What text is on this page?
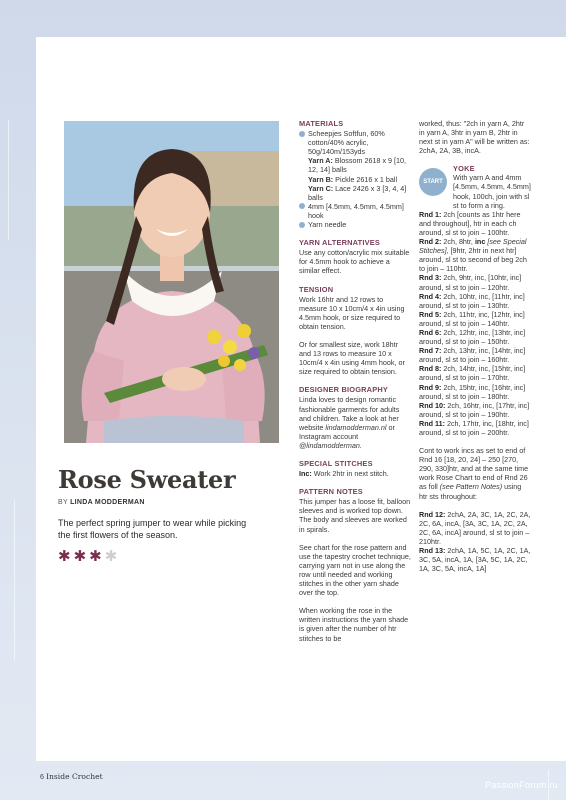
Rose Sweater
BY LINDA MODDERMAN
The perfect spring jumper to wear while picking the first flowers of the season.
✱ ✱ ✱ ✱
MATERIALS
Scheepjes Softfun, 60% cotton/40% acrylic, 50g/140m/153yds
Yarn A: Blossom 2618 x 9 [10, 12, 14] balls
Yarn B: Pickle 2616 x 1 ball
Yarn C: Lace 2426 x 3 [3, 4, 4] balls
4mm [4.5mm, 4.5mm, 4.5mm] hook
Yarn needle
YARN ALTERNATIVES
Use any cotton/acrylic mix suitable for 4.5mm hook to achieve a similar effect.
TENSION
Work 16htr and 12 rows to measure 10 x 10cm/4 x 4in using 4.5mm hook, or size required to obtain tension.
Or for smallest size, work 18htr and 13 rows to measure 10 x 10cm/4 x 4in using 4mm hook, or size required to obtain tension.
DESIGNER BIOGRAPHY
Linda loves to design romantic fashionable garments for adults and children. Take a look at her website lindamodderman.nl or Instagram account @lindamodderman.
SPECIAL STITCHES
Inc: Work 2htr in next stitch.
PATTERN NOTES
This jumper has a loose fit, balloon sleeves and is worked top down. The body and sleeves are worked in spirals.
See chart for the rose pattern and use the tapestry crochet technique, carrying yarn not in use along the row until needed and working stitches in the other yarn shade over the top.
When working the rose in the written instructions the yarn shade is given after the number of htr stitches to be
worked, thus: "2ch in yarn A, 2htr in yarn A, 3htr in yarn B, 2htr in next st in yarn A" will be written as: 2chA, 2A, 3B, incA.
START
YOKE
With yarn A and 4mm [4.5mm, 4.5mm, 4.5mm] hook, 100ch, join with sl st to form a ring.
Rnd 1: 2ch [counts as 1htr here and throughout], htr in each ch around, sl st to join – 100htr.
Rnd 2: 2ch, 8htr, inc [see Special Stitches], [9htr, 2htr in next htr] around, sl st to second of beg 2ch to join – 110htr.
Rnd 3: 2ch, 9htr, inc, [10htr, inc] around, sl st to join – 120htr.
Rnd 4: 2ch, 10htr, inc, [11htr, inc] around, sl st to join – 130htr.
Rnd 5: 2ch, 11htr, inc, [12htr, inc] around, sl st to join – 140htr.
Rnd 6: 2ch, 12htr, inc, [13htr, inc] around, sl st to join – 150htr.
Rnd 7: 2ch, 13htr, inc, [14htr, inc] around, sl st to join – 160htr.
Rnd 8: 2ch, 14htr, inc, [15htr, inc] around, sl st to join – 170htr.
Rnd 9: 2ch, 15htr, inc, [16htr, inc] around, sl st to join – 180htr.
Rnd 10: 2ch, 16htr, inc, [17htr, inc] around, sl st to join – 190htr.
Rnd 11: 2ch, 17htr, inc, [18htr, inc] around, sl st to join – 200htr.
Cont to work incs as set to end of Rnd 16 [18, 20, 24] – 250 [270, 290, 330]htr, and at the same time work Rose Chart to end of Rnd 26 as foll (see Pattern Notes) using htr sts throughout:
Rnd 12: 2chA, 2A, 3C, 1A, 2C, 2A, 2C, 6A, incA, [3A, 3C, 1A, 2C, 2A, 2C, 6A, incA] around, sl st to join – 210htr.
Rnd 13: 2chA, 1A, 5C, 1A, 2C, 1A, 3C, 5A, incA, 1A, [3A, 5C, 1A, 2C, 1A, 3C, 5A, incA, 1A]
6 Inside Crochet
PassionForum.ru
